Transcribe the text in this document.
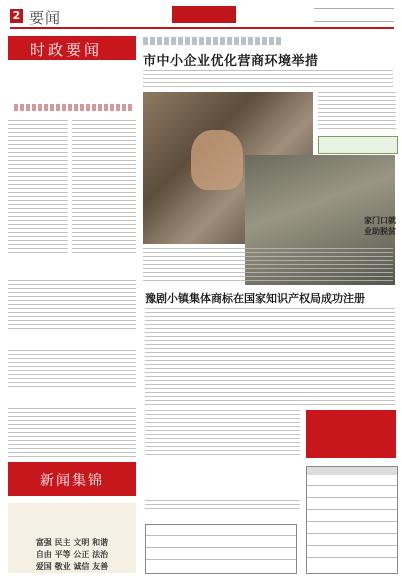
2 要闻
时政要闻
市中小企业优化营商环境举措
家门口就业助脱贫
豫剧小镇集体商标在国家知识产权局成功注册
新闻集锦
富强 民主 文明 和谐
自由 平等 公正 法治
爱国 敬业 诚信 友善
